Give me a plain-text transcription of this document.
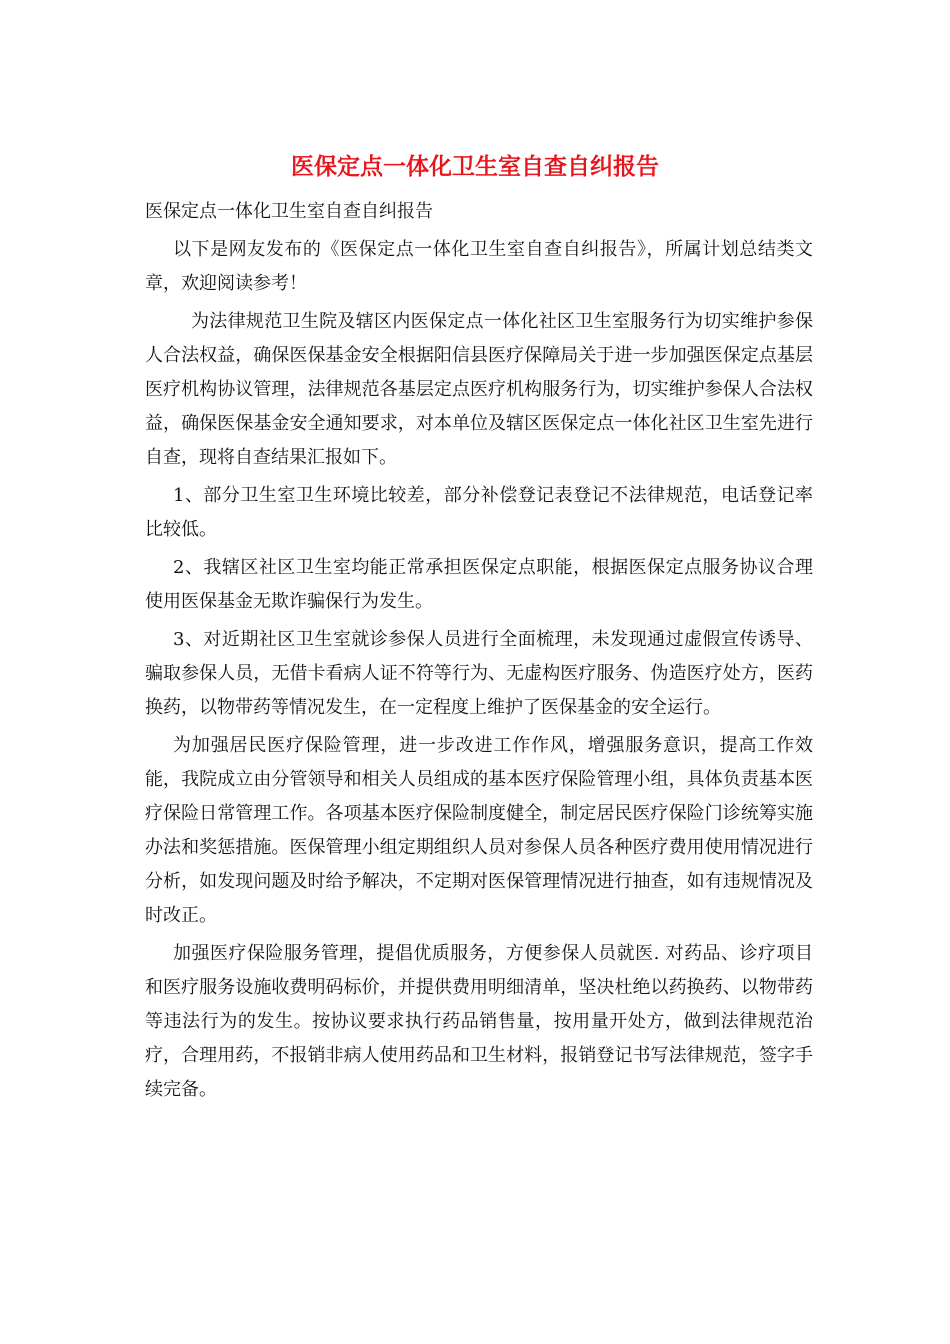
医保定点一体化卫生室自查自纠报告

医保定点一体化卫生室自查自纠报告

以下是网友发布的《医保定点一体化卫生室自查自纠报告》，所属计划总结类文章，欢迎阅读参考！

为法律规范卫生院及辖区内医保定点一体化社区卫生室服务行为切实维护参保人合法权益，确保医保基金安全根据阳信县医疗保障局关于进一步加强医保定点基层医疗机构协议管理，法律规范各基层定点医疗机构服务行为，切实维护参保人合法权益，确保医保基金安全通知要求，对本单位及辖区医保定点一体化社区卫生室先进行自查，现将自查结果汇报如下。

1、部分卫生室卫生环境比较差，部分补偿登记表登记不法律规范，电话登记率比较低。

2、我辖区社区卫生室均能正常承担医保定点职能，根据医保定点服务协议合理使用医保基金无欺诈骗保行为发生。

3、对近期社区卫生室就诊参保人员进行全面梳理，未发现通过虚假宣传诱导、骗取参保人员，无借卡看病人证不符等行为、无虚构医疗服务、伪造医疗处方，医药换药，以物带药等情况发生，在一定程度上维护了医保基金的安全运行。

为加强居民医疗保险管理，进一步改进工作作风，增强服务意识，提高工作效能，我院成立由分管领导和相关人员组成的基本医疗保险管理小组，具体负责基本医疗保险日常管理工作。各项基本医疗保险制度健全，制定居民医疗保险门诊统筹实施办法和奖惩措施。医保管理小组定期组织人员对参保人员各种医疗费用使用情况进行分析，如发现问题及时给予解决，不定期对医保管理情况进行抽查，如有违规情况及时改正。

加强医疗保险服务管理，提倡优质服务，方便参保人员就医. 对药品、诊疗项目和医疗服务设施收费明码标价，并提供费用明细清单，坚决杜绝以药换药、以物带药等违法行为的发生。按协议要求执行药品销售量，按用量开处方，做到法律规范治疗，合理用药，不报销非病人使用药品和卫生材料，报销登记书写法律规范，签字手续完备。
